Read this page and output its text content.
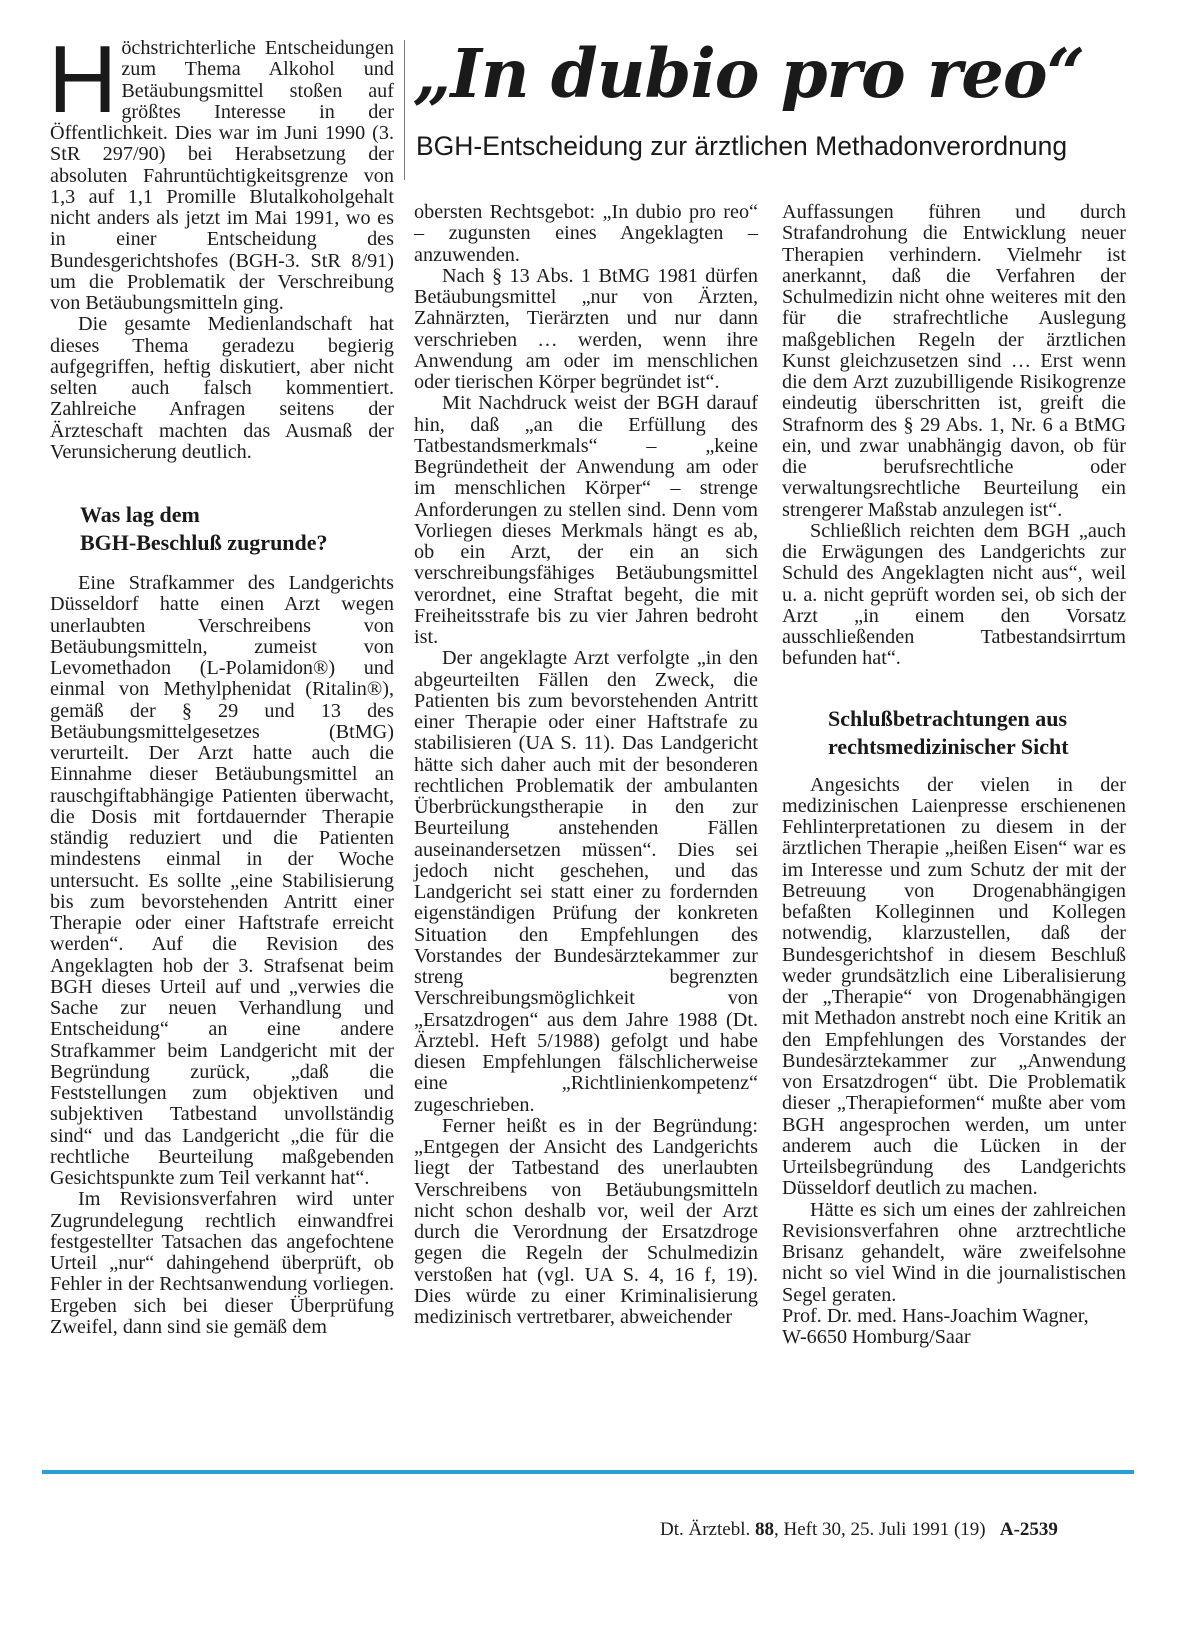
„In dubio pro reo“
BGH-Entscheidung zur ärztlichen Methadonverordnung

Höchstrichterliche Entscheidungen zum Thema Alkohol und Betäubungsmittel stoßen auf größtes Interesse in der Öffentlichkeit. Dies war im Juni 1990 (3. StR 297/90) bei Herabsetzung der absoluten Fahruntüchtigkeitsgrenze von 1,3 auf 1,1 Promille Blutalkoholgehalt nicht anders als jetzt im Mai 1991, wo es in einer Entscheidung des Bundesgerichtshofes (BGH-3. StR 8/91) um die Problematik der Verschreibung von Betäubungsmitteln ging.

Die gesamte Medienlandschaft hat dieses Thema geradezu begierig aufgegriffen, heftig diskutiert, aber nicht selten auch falsch kommentiert. Zahlreiche Anfragen seitens der Ärzteschaft machten das Ausmaß der Verunsicherung deutlich.

Was lag dem
BGH-Beschluß zugrunde?

Eine Strafkammer des Landgerichts Düsseldorf hatte einen Arzt wegen unerlaubten Verschreibens von Betäubungsmitteln, zumeist von Levomethadon (L-Polamidon®) und einmal von Methylphenidat (Ritalin®), gemäß der § 29 und 13 des Betäubungsmittelgesetzes (BtMG) verurteilt. Der Arzt hatte auch die Einnahme dieser Betäubungsmittel an rauschgiftabhängige Patienten überwacht, die Dosis mit fortdauernder Therapie ständig reduziert und die Patienten mindestens einmal in der Woche untersucht. Es sollte „eine Stabilisierung bis zum bevorstehenden Antritt einer Therapie oder einer Haftstrafe erreicht werden“. Auf die Revision des Angeklagten hob der 3. Strafsenat beim BGH dieses Urteil auf und „verwies die Sache zur neuen Verhandlung und Entscheidung“ an eine andere Strafkammer beim Landgericht mit der Begründung zurück, „daß die Feststellungen zum objektiven und subjektiven Tatbestand unvollständig sind“ und das Landgericht „die für die rechtliche Beurteilung maßgebenden Gesichtspunkte zum Teil verkannt hat“.

Im Revisionsverfahren wird unter Zugrundelegung rechtlich einwandfrei festgestellter Tatsachen das angefochtene Urteil „nur“ dahingehend überprüft, ob Fehler in der Rechtsanwendung vorliegen. Ergeben sich bei dieser Überprüfung Zweifel, dann sind sie gemäß dem

obersten Rechtsgebot: „In dubio pro reo“ – zugunsten eines Angeklagten – anzuwenden.

Nach § 13 Abs. 1 BtMG 1981 dürfen Betäubungsmittel „nur von Ärzten, Zahnärzten, Tierärzten und nur dann verschrieben … werden, wenn ihre Anwendung am oder im menschlichen oder tierischen Körper begründet ist“.

Mit Nachdruck weist der BGH darauf hin, daß „an die Erfüllung des Tatbestandsmerkmals“ – „keine Begründetheit der Anwendung am oder im menschlichen Körper“ – strenge Anforderungen zu stellen sind. Denn vom Vorliegen dieses Merkmals hängt es ab, ob ein Arzt, der ein an sich verschreibungsfähiges Betäubungsmittel verordnet, eine Straftat begeht, die mit Freiheitsstrafe bis zu vier Jahren bedroht ist.

Der angeklagte Arzt verfolgte „in den abgeurteilten Fällen den Zweck, die Patienten bis zum bevorstehenden Antritt einer Therapie oder einer Haftstrafe zu stabilisieren (UA S. 11). Das Landgericht hätte sich daher auch mit der besonderen rechtlichen Problematik der ambulanten Überbrückungstherapie in den zur Beurteilung anstehenden Fällen auseinandersetzen müssen“. Dies sei jedoch nicht geschehen, und das Landgericht sei statt einer zu fordernden eigenständigen Prüfung der konkreten Situation den Empfehlungen des Vorstandes der Bundesärztekammer zur streng begrenzten Verschreibungsmöglichkeit von „Ersatzdrogen“ aus dem Jahre 1988 (Dt. Ärztebl. Heft 5/1988) gefolgt und habe diesen Empfehlungen fälschlicherweise eine „Richtlinienkompetenz“ zugeschrieben.

Ferner heißt es in der Begründung: „Entgegen der Ansicht des Landgerichts liegt der Tatbestand des unerlaubten Verschreibens von Betäubungsmitteln nicht schon deshalb vor, weil der Arzt durch die Verordnung der Ersatzdroge gegen die Regeln der Schulmedizin verstoßen hat (vgl. UA S. 4, 16 f, 19). Dies würde zu einer Kriminalisierung medizinisch vertretbarer, abweichender

Auffassungen führen und durch Strafandrohung die Entwicklung neuer Therapien verhindern. Vielmehr ist anerkannt, daß die Verfahren der Schulmedizin nicht ohne weiteres mit den für die strafrechtliche Auslegung maßgeblichen Regeln der ärztlichen Kunst gleichzusetzen sind … Erst wenn die dem Arzt zuzubilligende Risikogrenze eindeutig überschritten ist, greift die Strafnorm des § 29 Abs. 1, Nr. 6 a BtMG ein, und zwar unabhängig davon, ob für die berufsrechtliche oder verwaltungsrechtliche Beurteilung ein strengerer Maßstab anzulegen ist“.

Schließlich reichten dem BGH „auch die Erwägungen des Landgerichts zur Schuld des Angeklagten nicht aus“, weil u. a. nicht geprüft worden sei, ob sich der Arzt „in einem den Vorsatz ausschließenden Tatbestandsirrtum befunden hat“.

Schlußbetrachtungen aus
rechtsmedizinischer Sicht

Angesichts der vielen in der medizinischen Laienpresse erschienenen Fehlinterpretationen zu diesem in der ärztlichen Therapie „heißen Eisen“ war es im Interesse und zum Schutz der mit der Betreuung von Drogenabhängigen befaßten Kolleginnen und Kollegen notwendig, klarzustellen, daß der Bundesgerichtshof in diesem Beschluß weder grundsätzlich eine Liberalisierung der „Therapie“ von Drogenabhängigen mit Methadon anstrebt noch eine Kritik an den Empfehlungen des Vorstandes der Bundesärztekammer zur „Anwendung von Ersatzdrogen“ übt. Die Problematik dieser „Therapieformen“ mußte aber vom BGH angesprochen werden, um unter anderem auch die Lücken in der Urteilsbegründung des Landgerichts Düsseldorf deutlich zu machen.

Hätte es sich um eines der zahlreichen Revisionsverfahren ohne arztrechtliche Brisanz gehandelt, wäre zweifelsohne nicht so viel Wind in die journalistischen Segel geraten.

Prof. Dr. med. Hans-Joachim Wagner,

W-6650 Homburg/Saar

Dt. Ärztebl. 88, Heft 30, 25. Juli 1991 (19) A-2539
